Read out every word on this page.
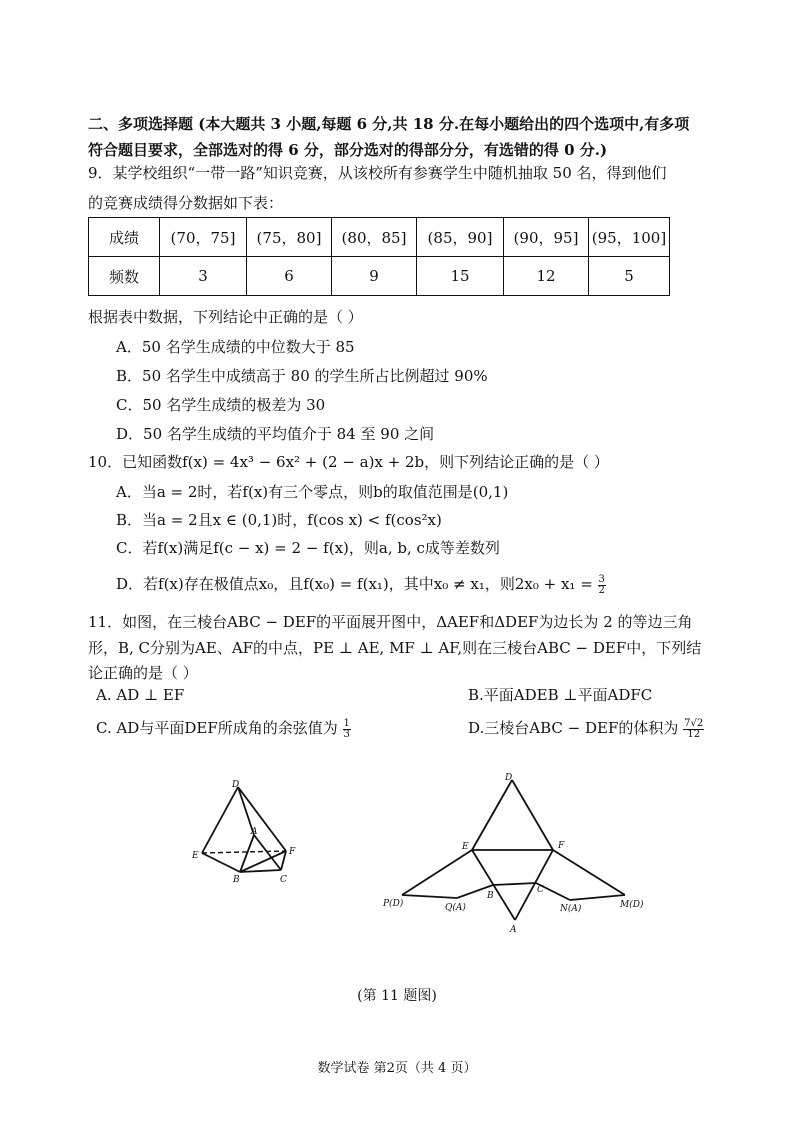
二、多项选择题 (本大题共 3 小题,每题 6 分,共 18 分.在每小题给出的四个选项中,有多项
符合题目要求，全部选对的得 6 分，部分选对的得部分分，有选错的得 0 分.)
9．某学校组织“一带一路”知识竞赛，从该校所有参赛学生中随机抽取 50 名，得到他们
的竞赛成绩得分数据如下表：
成绩	(70，75]	(75，80]	(80，85]	(85，90]	(90，95]	(95，100]
频数	3	6	9	15	12	5
根据表中数据，下列结论中正确的是（ ）
A．50 名学生成绩的中位数大于 85
B．50 名学生中成绩高于 80 的学生所占比例超过 90%
C．50 名学生成绩的极差为 30
D．50 名学生成绩的平均值介于 84 至 90 之间
10．已知函数f(x) = 4x³ − 6x² + (2 − a)x + 2b，则下列结论正确的是（ ）
A．当a = 2时，若f(x)有三个零点，则b的取值范围是(0,1)
B．当a = 2且x ∈ (0,1)时，f(cos x) < f(cos²x)
C．若f(x)满足f(c − x) = 2 − f(x)，则a, b, c成等差数列
D．若f(x)存在极值点x₀，且f(x₀) = f(x₁)，其中x₀ ≠ x₁，则$2x_0 + x_1 = \frac{3}{2}$
11．如图，在三棱台ABC − DEF的平面展开图中，ΔAEF和ΔDEF为边长为 2 的等边三角
形，B, C分别为AE、AF的中点，PE ⊥ AE, MF ⊥ AF,则在三棱台ABC − DEF中，下列结
论正确的是（ ）
A. AD ⊥ EF	B.平面ADEB ⊥平面ADFC
C. AD与平面DEF所成角的余弦值为 $\frac{1}{3}$	D.三棱台ABC − DEF的体积为 $\frac{7√2}{12}$
D
A
E	F
B	C
D
E	F
B
C
A
P(D)	Q(A)	N(A)	M(D)
(第 11 题图)
数学试卷 第2页（共 4 页）
